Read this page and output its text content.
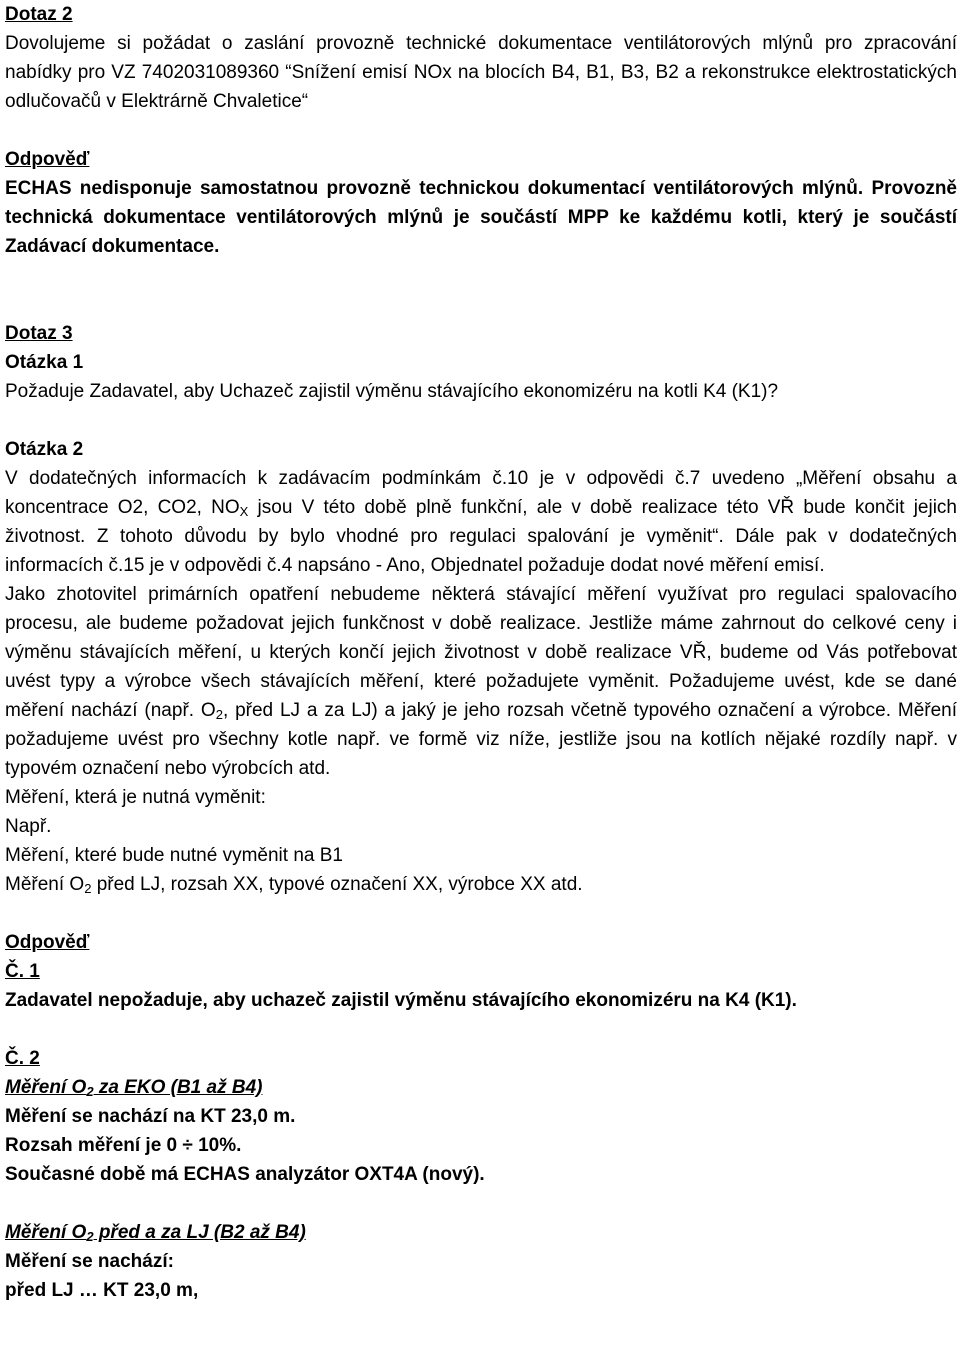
Dotaz 2

Dovolujeme si požádat o zaslání provozně technické dokumentace ventilátorových mlýnů pro zpracování nabídky pro VZ 7402031089360 “Snížení emisí NOx na blocích B4, B1, B3, B2 a rekonstrukce elektrostatických odlučovačů v Elektrárně Chvaletice“

Odpověď

ECHAS nedisponuje samostatnou provozně technickou dokumentací ventilátorových mlýnů. Provozně technická dokumentace ventilátorových mlýnů je součástí MPP ke každému kotli, který je součástí Zadávací dokumentace.

Dotaz 3

Otázka 1

Požaduje Zadavatel, aby Uchazeč zajistil výměnu stávajícího ekonomizéru na kotli K4 (K1)?

Otázka 2

V dodatečných informacích k zadávacím podmínkám č.10 je v odpovědi č.7 uvedeno „Měření obsahu a koncentrace O2, CO2, $NO_X$ jsou V této době plně funkční, ale v době realizace této VŘ bude končit jejich životnost. Z tohoto důvodu by bylo vhodné pro regulaci spalování je vyměnit“. Dále pak v dodatečných informacích č.15 je v odpovědi č.4 napsáno - Ano, Objednatel požaduje dodat nové měření emisí.

Jako zhotovitel primárních opatření nebudeme některá stávající měření využívat pro regulaci spalovacího procesu, ale budeme požadovat jejich funkčnost v době realizace. Jestliže máme zahrnout do celkové ceny i výměnu stávajících měření, u kterých končí jejich životnost v době realizace VŘ, budeme od Vás potřebovat uvést typy a výrobce všech stávajících měření, které požadujete vyměnit. Požadujeme uvést, kde se dané měření nachází (např. $O_2$, před LJ a za LJ) a jaký je jeho rozsah včetně typového označení a výrobce. Měření požadujeme uvést pro všechny kotle např. ve formě viz níže, jestliže jsou na kotlích nějaké rozdíly např. v typovém označení nebo výrobcích atd.

Měření, která je nutná vyměnit:

Např.

Měření, které bude nutné vyměnit na B1

Měření $O_2$ před LJ, rozsah XX, typové označení XX, výrobce XX atd.

Odpověď

Č. 1

Zadavatel nepožaduje, aby uchazeč zajistil výměnu stávajícího ekonomizéru na K4 (K1).

Č. 2

Měření $O_2$ za EKO (B1 až B4)

Měření se nachází na KT 23,0 m.

Rozsah měření je 0 ÷ 10%.

Současné době má ECHAS analyzátor OXT4A (nový).

Měření $O_2$ před a za LJ (B2 až B4)

Měření se nachází:

před LJ … KT 23,0 m,
